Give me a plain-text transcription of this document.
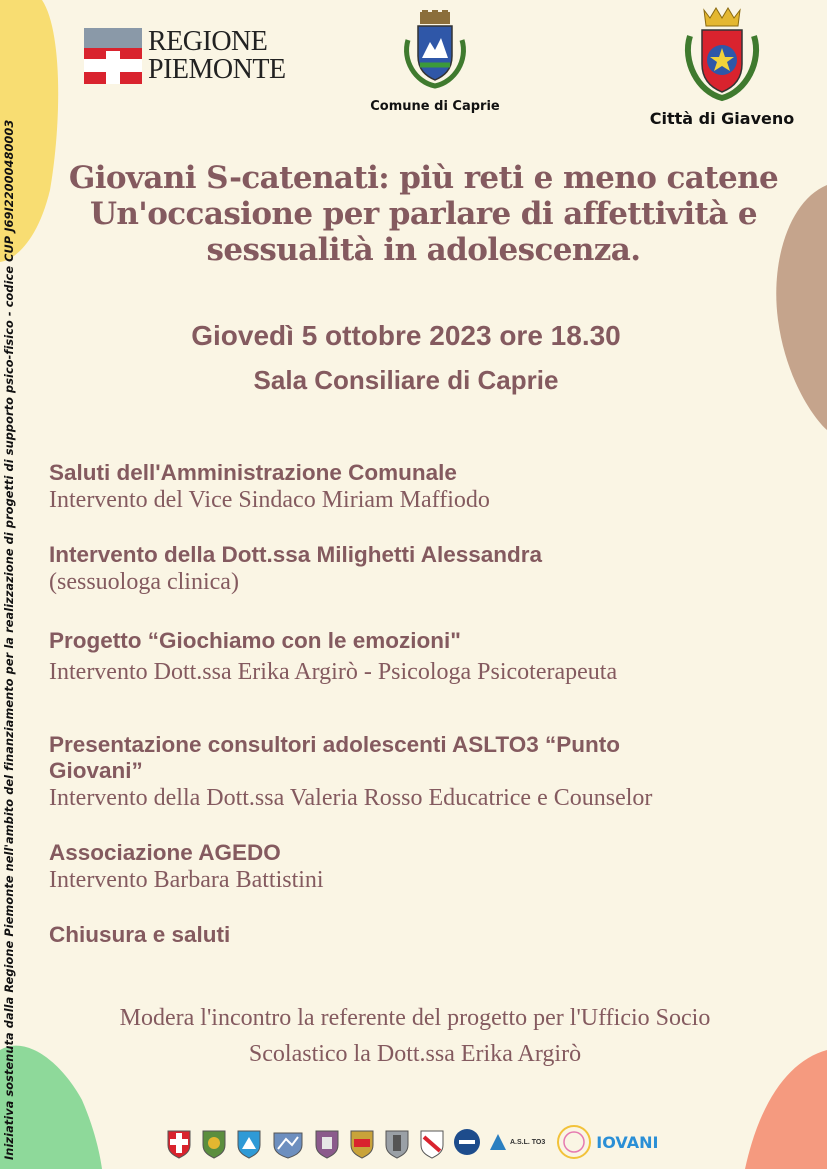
Iniziativa sostenuta dalla Regione Piemonte nell'ambito del finanziamento per la realizzazione di progetti di supporto psico-fisico - codice CUP J69I22000480003
REGIONE
PIEMONTE
Comune di Caprie
Città di Giaveno
Giovani S-catenati: più reti e meno catene
Un'occasione per parlare di affettività e
sessualità in adolescenza.
Giovedì 5 ottobre 2023 ore 18.30
Sala Consiliare di Caprie
Saluti dell'Amministrazione Comunale
Intervento del Vice Sindaco Miriam Maffiodo
Intervento della Dott.ssa Milighetti Alessandra
(sessuologa clinica)
Progetto “Giochiamo con le emozioni"
Intervento Dott.ssa Erika Argirò - Psicologa Psicoterapeuta
Presentazione consultori adolescenti ASLTO3 “Punto Giovani”
Intervento della Dott.ssa Valeria Rosso Educatrice e Counselor
Associazione AGEDO
Intervento Barbara Battistini
Chiusura e saluti
Modera l'incontro la referente del progetto per l'Ufficio Socio
Scolastico la Dott.ssa Erika Argirò
A.S.L. TO3	IOVANI
